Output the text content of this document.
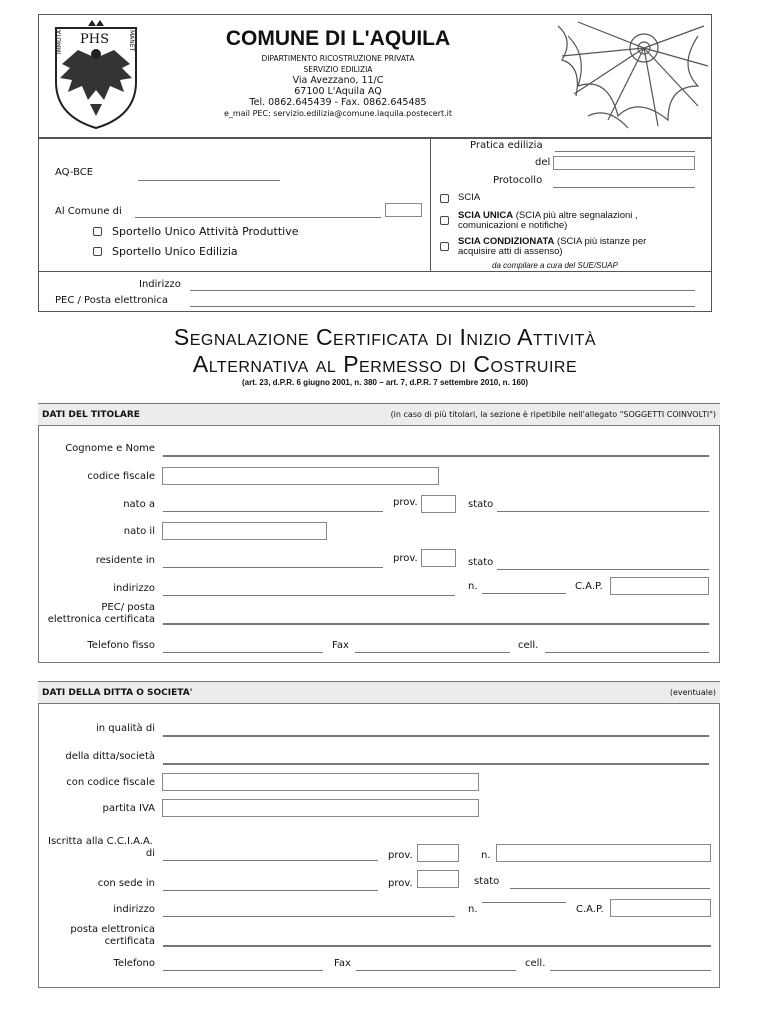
IMMOTA PHS	MANET	COMUNE DI L'AQUILA
DIPARTIMENTO RICOSTRUZIONE PRIVATA
SERVIZIO EDILIZIA
Via Avezzano, 11/C
67100 L'Aquila AQ
Tel. 0862.645439 - Fax. 0862.645485
e_mail PEC: servizio.edilizia@comune.laquila.postecert.it
AQ-BCE
Al Comune di
Sportello Unico Attività Produttive
Sportello Unico Edilizia
Pratica edilizia
del
Protocollo
SCIA
SCIA UNICA (SCIA più altre segnalazioni ,
comunicazioni e notifiche)
SCIA CONDIZIONATA (SCIA più istanze per
acquisire atti di assenso)
da compilare a cura del SUE/SUAP
Indirizzo
PEC / Posta elettronica
Segnalazione Certificata di Inizio Attività
Alternativa al Permesso di Costruire
(art. 23, d.P.R. 6 giugno 2001, n. 380 – art. 7, d.P.R. 7 settembre 2010, n. 160)
DATI DEL TITOLARE	(in caso di più titolari, la sezione è ripetibile nell'allegato "SOGGETTI COINVOLTI")
Cognome e Nome
codice fiscale
nato a	prov.	stato
nato il
residente in	prov.	stato
indirizzo	n.	C.A.P.
PEC/ posta
elettronica certificata
Telefono fisso	Fax	cell.
DATI DELLA DITTA O SOCIETA'	(eventuale)
in qualità di
della ditta/società
con codice fiscale
partita IVA
Iscritta alla C.C.I.A.A.
di	prov.	n.
con sede in	prov.	stato
indirizzo	n.	C.A.P.
posta elettronica
certificata
Telefono	Fax	cell.
